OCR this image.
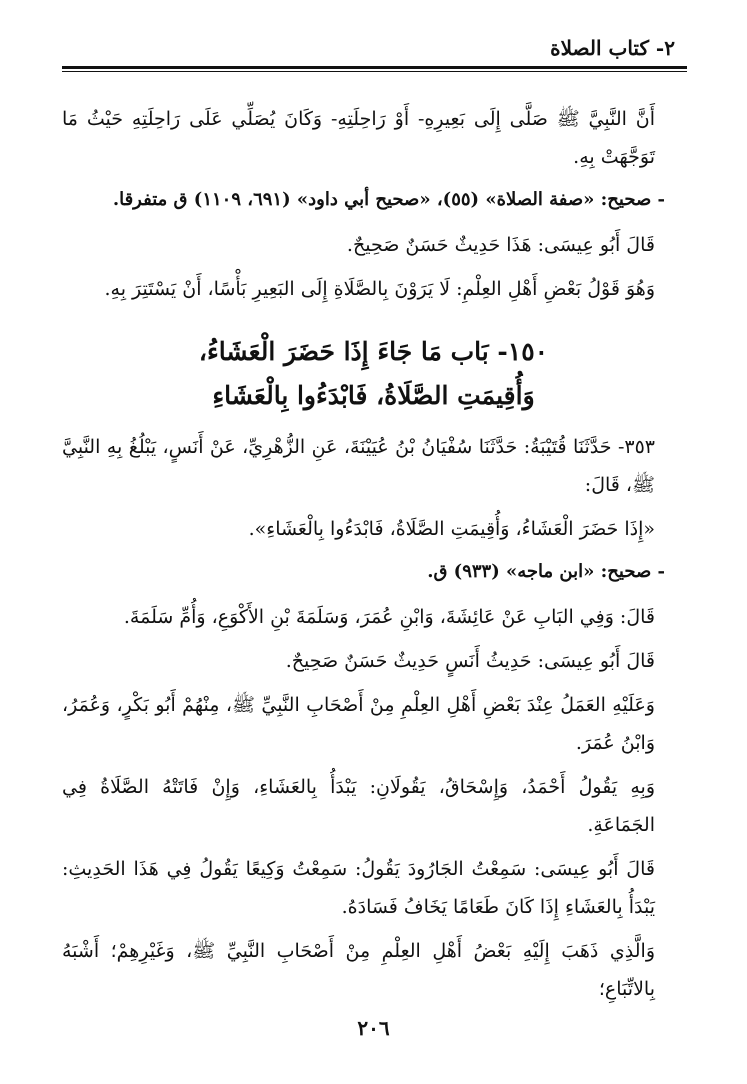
٢- كتاب الصلاة

أَنَّ النَّبِيَّ ﷺ صَلَّى إِلَى بَعِيرِهِ- أَوْ رَاحِلَتِهِ- وَكَانَ يُصَلِّي عَلَى رَاحِلَتِهِ حَيْثُ مَا تَوَجَّهَتْ بِهِ.

- صحيح: «صفة الصلاة» (٥٥)، «صحيح أبي داود» (٦٩١، ١١٠٩) ق متفرقا.

قَالَ أَبُو عِيسَى: هَذَا حَدِيثٌ حَسَنٌ صَحِيحٌ.

وَهُوَ قَوْلُ بَعْضِ أَهْلِ العِلْمِ: لَا يَرَوْنَ بِالصَّلَاةِ إِلَى البَعِيرِ بَأْسًا، أَنْ يَسْتَتِرَ بِهِ.

١٥٠- بَاب مَا جَاءَ إِذَا حَضَرَ الْعَشَاءُ،
وَأُقِيمَتِ الصَّلَاةُ، فَابْدَءُوا بِالْعَشَاءِ

٣٥٣- حَدَّثَنَا قُتَيْبَةُ: حَدَّثَنَا سُفْيَانُ بْنُ عُيَيْنَةَ، عَنِ الزُّهْرِيِّ، عَنْ أَنَسٍ، يَبْلُغُ بِهِ النَّبِيَّ ﷺ، قَالَ:

«إِذَا حَضَرَ الْعَشَاءُ، وَأُقِيمَتِ الصَّلَاةُ، فَابْدَءُوا بِالْعَشَاءِ».

- صحيح: «ابن ماجه» (٩٣٣) ق.

قَالَ: وَفِي البَابِ عَنْ عَائِشَةَ، وَابْنِ عُمَرَ، وَسَلَمَةَ بْنِ الأَكْوَعِ، وَأُمِّ سَلَمَةَ.

قَالَ أَبُو عِيسَى: حَدِيثُ أَنَسٍ حَدِيثٌ حَسَنٌ صَحِيحٌ.

وَعَلَيْهِ العَمَلُ عِنْدَ بَعْضِ أَهْلِ العِلْمِ مِنْ أَصْحَابِ النَّبِيِّ ﷺ، مِنْهُمْ أَبُو بَكْرٍ، وَعُمَرُ، وَابْنُ عُمَرَ.

وَبِهِ يَقُولُ أَحْمَدُ، وَإِسْحَاقُ، يَقُولَانِ: يَبْدَأُ بِالعَشَاءِ، وَإِنْ فَاتَتْهُ الصَّلَاةُ فِي الجَمَاعَةِ.

قَالَ أَبُو عِيسَى: سَمِعْتُ الجَارُودَ يَقُولُ: سَمِعْتُ وَكِيعًا يَقُولُ فِي هَذَا الحَدِيثِ: يَبْدَأُ بِالعَشَاءِ إِذَا كَانَ طَعَامًا يَخَافُ فَسَادَهُ.

وَالَّذِي ذَهَبَ إِلَيْهِ بَعْضُ أَهْلِ العِلْمِ مِنْ أَصْحَابِ النَّبِيِّ ﷺ، وَغَيْرِهِمْ؛ أَشْبَهُ بِالاتِّبَاعِ؛

٢٠٦
